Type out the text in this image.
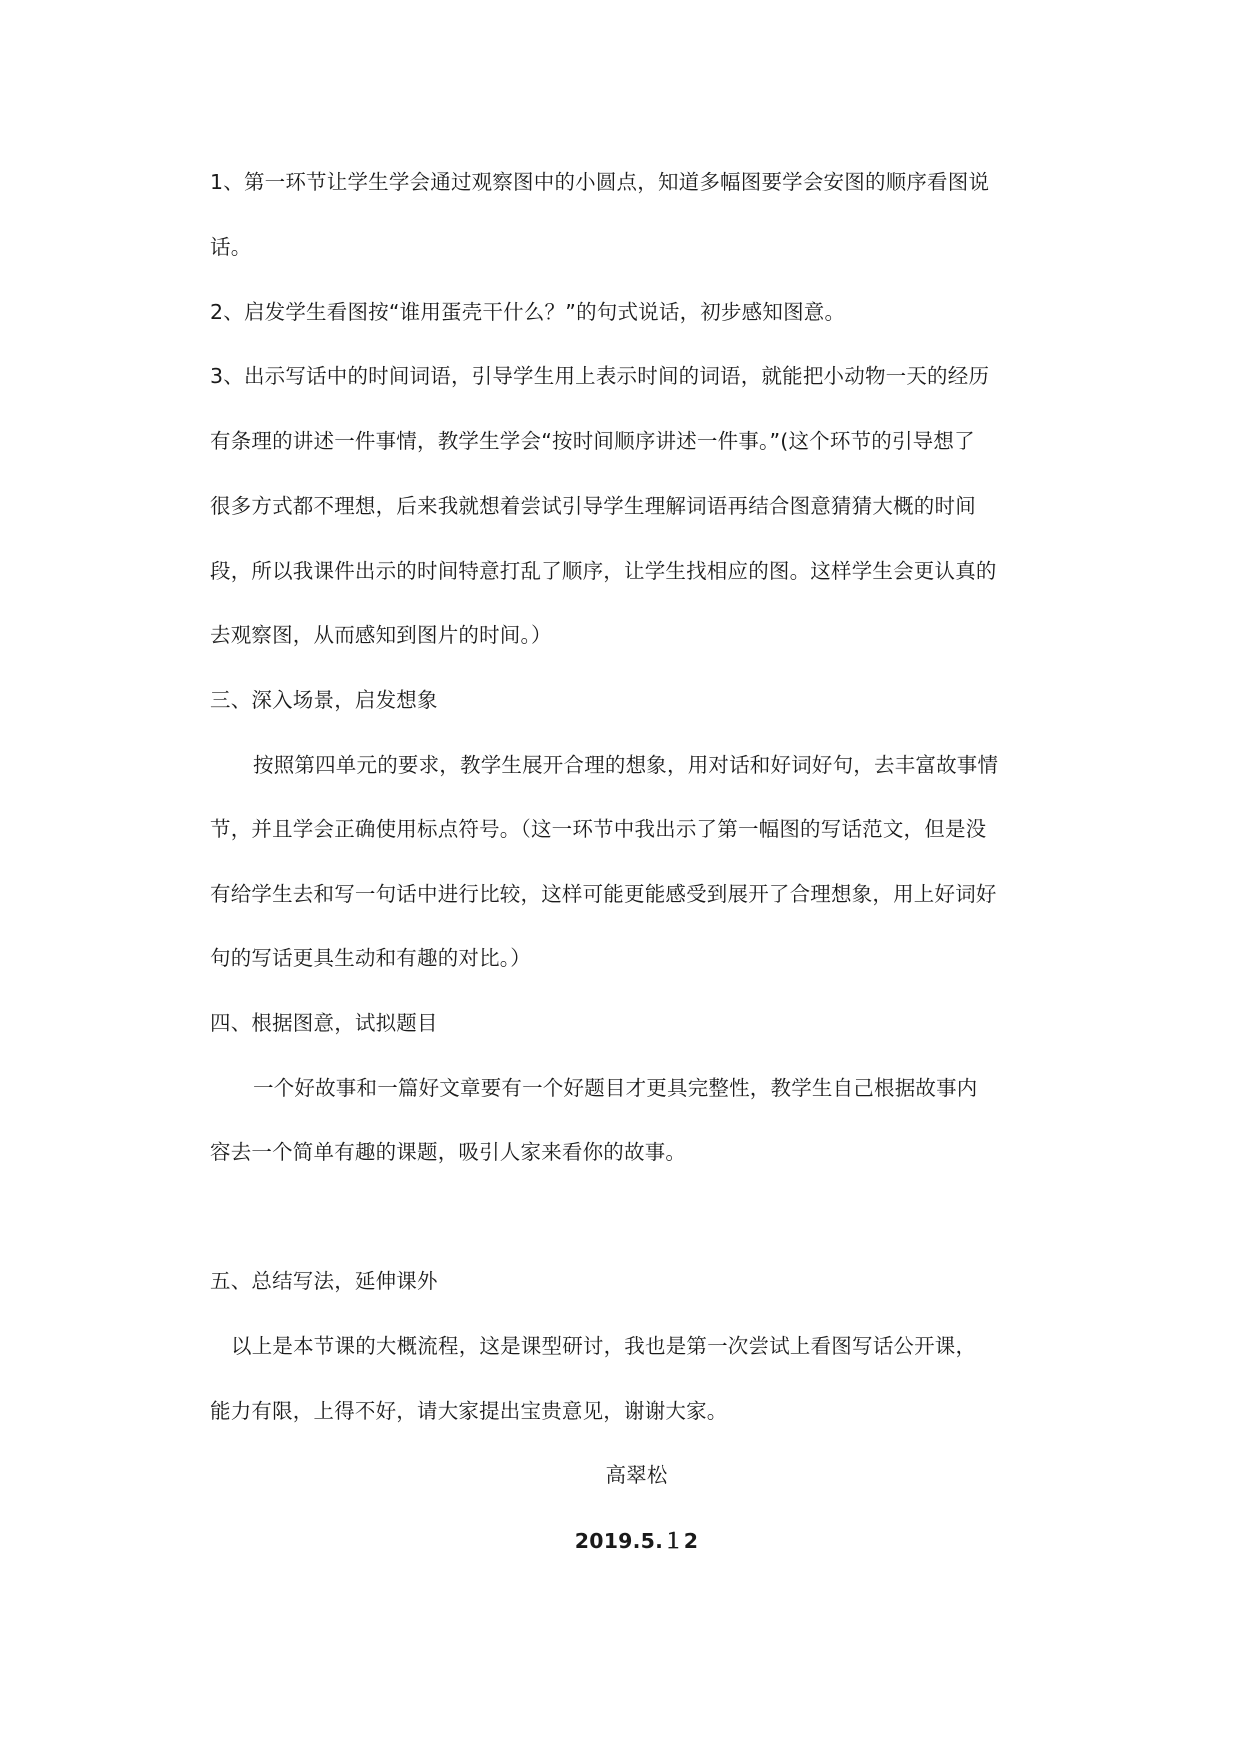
1、第一环节让学生学会通过观察图中的小圆点，知道多幅图要学会安图的顺序看图说
话。
2、启发学生看图按“谁用蛋壳干什么？”的句式说话，初步感知图意。
3、出示写话中的时间词语，引导学生用上表示时间的词语，就能把小动物一天的经历
有条理的讲述一件事情，教学生学会“按时间顺序讲述一件事。”(这个环节的引导想了
很多方式都不理想，后来我就想着尝试引导学生理解词语再结合图意猜猜大概的时间
段，所以我课件出示的时间特意打乱了顺序，让学生找相应的图。这样学生会更认真的
去观察图，从而感知到图片的时间。）
三、深入场景，启发想象
按照第四单元的要求，教学生展开合理的想象，用对话和好词好句，去丰富故事情
节，并且学会正确使用标点符号。（这一环节中我出示了第一幅图的写话范文，但是没
有给学生去和写一句话中进行比较，这样可能更能感受到展开了合理想象，用上好词好
句的写话更具生动和有趣的对比。）
四、根据图意，试拟题目
一个好故事和一篇好文章要有一个好题目才更具完整性，教学生自己根据故事内
容去一个简单有趣的课题，吸引人家来看你的故事。
五、总结写法，延伸课外
以上是本节课的大概流程，这是课型研讨，我也是第一次尝试上看图写话公开课，
能力有限，上得不好，请大家提出宝贵意见，谢谢大家。
高翠松
2019.5.１2
